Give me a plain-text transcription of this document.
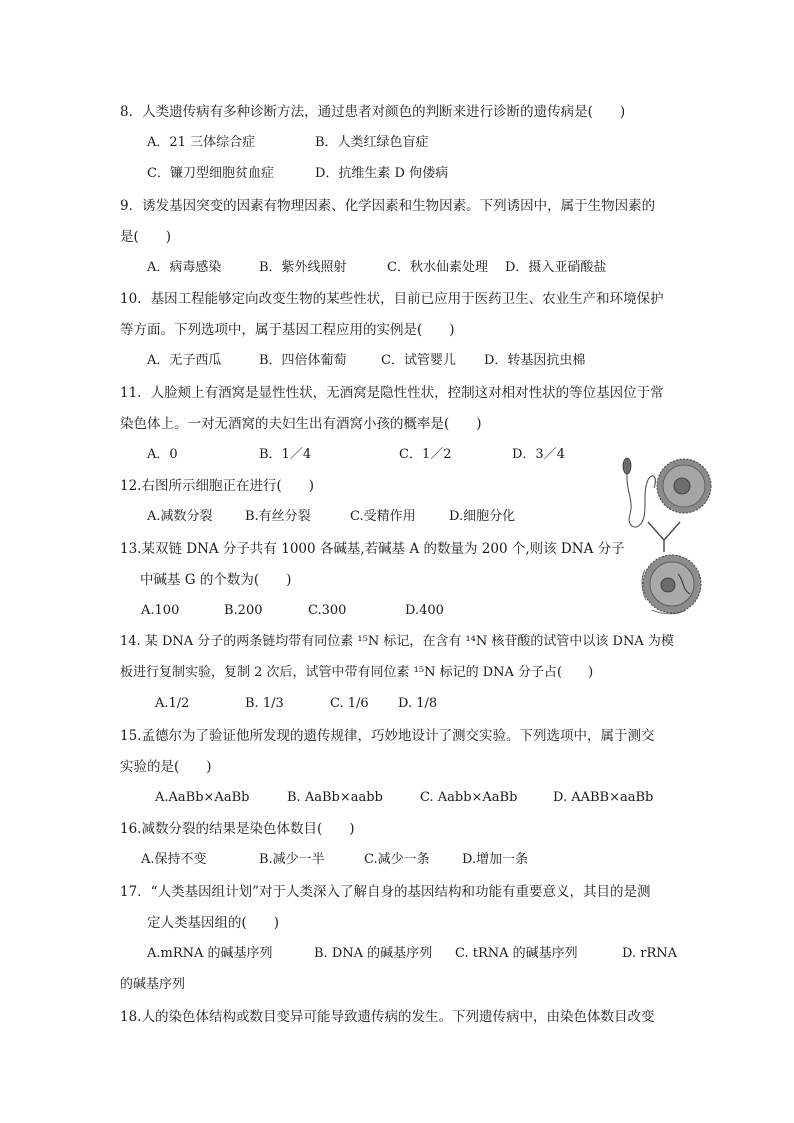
8．人类遗传病有多种诊断方法，通过患者对颜色的判断来进行诊断的遗传病是(　　)
A．21 三体综合症	B．人类红绿色盲症
C．镰刀型细胞贫血症	D．抗维生素 D 佝偻病
9．诱发基因突变的因素有物理因素、化学因素和生物因素。下列诱因中，属于生物因素的
是(　　)
A．病毒感染	B．紫外线照射	C．秋水仙素处理 D．摄入亚硝酸盐
10．基因工程能够定向改变生物的某些性状，目前已应用于医药卫生、农业生产和环境保护
等方面。下列选项中，属于基因工程应用的实例是(　　)
A．无子西瓜	B．四倍体葡萄	C．试管婴儿 D．转基因抗虫棉
11．人脸颊上有酒窝是显性性状，无酒窝是隐性性状，控制这对相对性状的等位基因位于常
染色体上。一对无酒窝的夫妇生出有酒窝小孩的概率是(　　)
A．0	B．1／4	C．1／2	D．3／4
12.右图所示细胞正在进行(　　)
A.减数分裂 B.有丝分裂	C.受精作用	D.细胞分化
13.某双链 DNA 分子共有 1000 各碱基,若碱基 A 的数量为 200 个,则该 DNA 分子
中碱基 G 的个数为(　　)
A.100	B.200	C.300	D.400
14. 某 DNA 分子的两条链均带有同位素 ¹⁵N 标记，在含有 ¹⁴N 核苷酸的试管中以该 DNA 为模
板进行复制实验，复制 2 次后，试管中带有同位素 ¹⁵N 标记的 DNA 分子占(　　)
A.1/2	B. 1/3	C. 1/6 D. 1/8
15.孟德尔为了验证他所发现的遗传规律，巧妙地设计了测交实验。下列选项中，属于测交
实验的是(　　)
A.AaBb×AaBb	B. AaBb×aabb	C. Aabb×AaBb	D. AABB×aaBb
16.减数分裂的结果是染色体数目(　　)
A.保持不变	B.减少一半	C.减少一条 D.增加一条
17．“人类基因组计划”对于人类深入了解自身的基因结构和功能有重要意义，其目的是测
定人类基因组的(　　)
A.mRNA 的碱基序列	B. DNA 的碱基序列 C. tRNA 的碱基序列	D. rRNA
的碱基序列
18.人的染色体结构或数目变异可能导致遗传病的发生。下列遗传病中，由染色体数目改变
